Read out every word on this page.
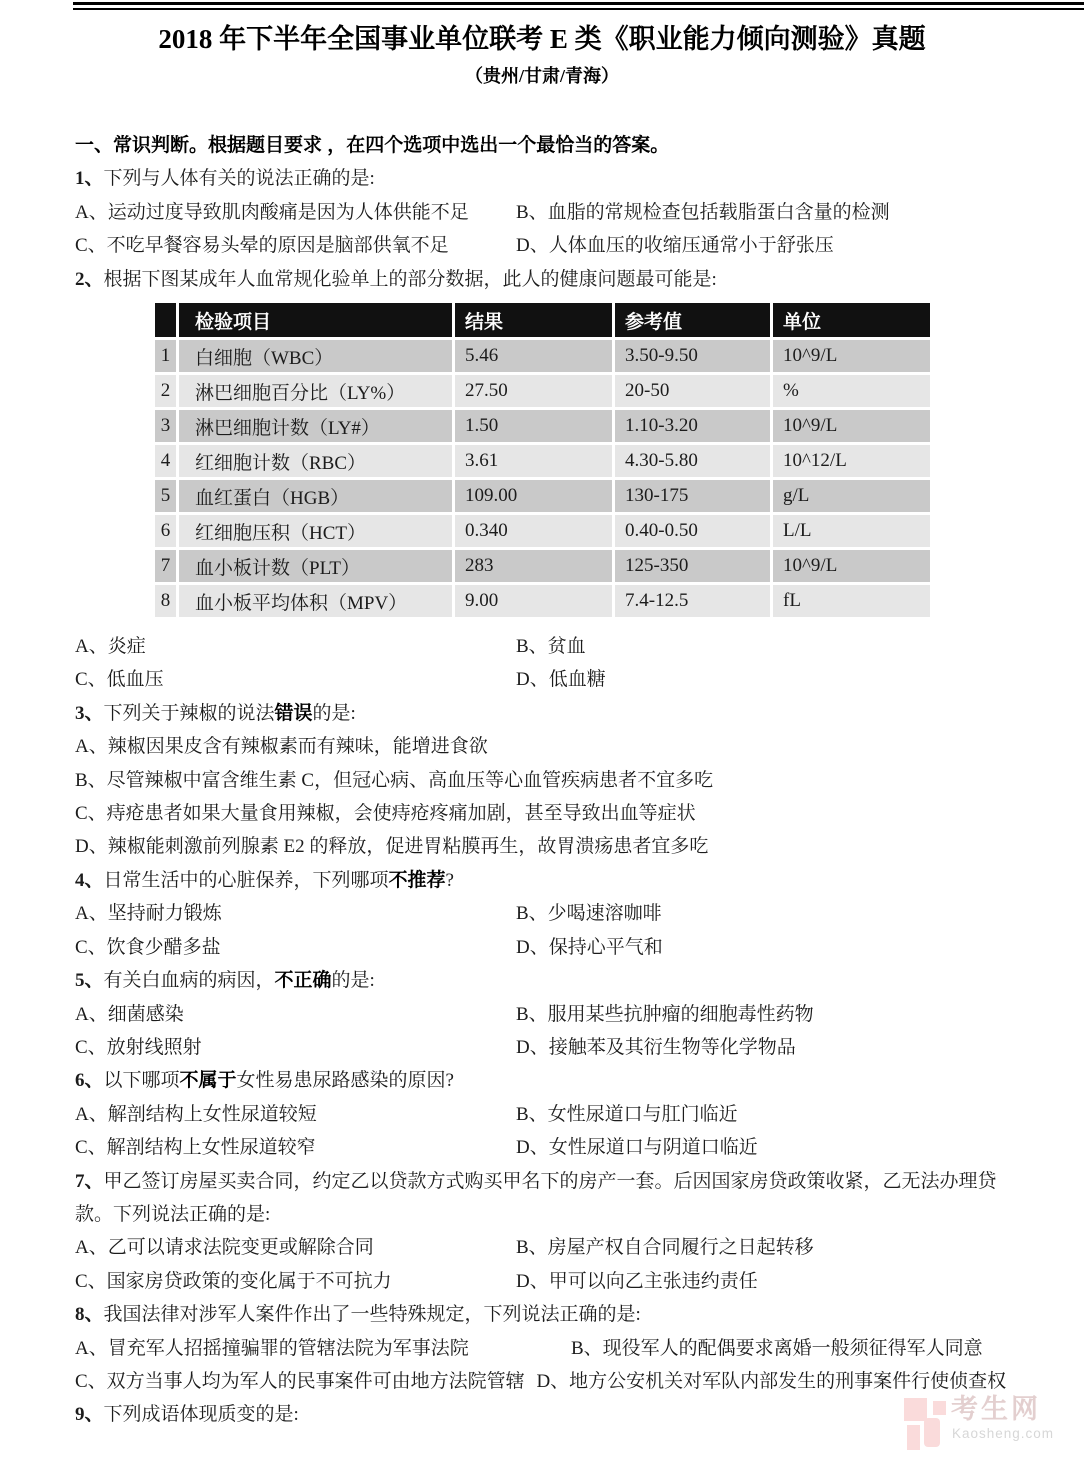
2018 年下半年全国事业单位联考 E 类《职业能力倾向测验》真题
（贵州/甘肃/青海）
一、常识判断。根据题目要求 ，在四个选项中选出一个最恰当的答案。
1、下列与人体有关的说法正确的是:
A、运动过度导致肌肉酸痛是因为人体供能不足 B、血脂的常规检查包括载脂蛋白含量的检测
C、不吃早餐容易头晕的原因是脑部供氧不足	D、人体血压的收缩压通常小于舒张压
2、根据下图某成年人血常规化验单上的部分数据，此人的健康问题最可能是:
	检验项目	结果	参考值	单位
1	白细胞（WBC）	5.46	3.50-9.50	10^9/L
2	淋巴细胞百分比（LY%）	27.50	20-50	%
3	淋巴细胞计数（LY#）	1.50	1.10-3.20	10^9/L
4	红细胞计数（RBC）	3.61	4.30-5.80	10^12/L
5	血红蛋白（HGB）	109.00	130-175	g/L
6	红细胞压积（HCT）	0.340	0.40-0.50	L/L
7	血小板计数（PLT）	283	125-350	10^9/L
8	血小板平均体积（MPV）	9.00	7.4-12.5	fL
A、炎症	B、贫血
C、低血压	D、低血糖
3、下列关于辣椒的说法错误的是:
A、辣椒因果皮含有辣椒素而有辣味，能增进食欲
B、尽管辣椒中富含维生素 C，但冠心病、高血压等心血管疾病患者不宜多吃
C、痔疮患者如果大量食用辣椒，会使痔疮疼痛加剧，甚至导致出血等症状
D、辣椒能刺激前列腺素 E2 的释放，促进胃粘膜再生，故胃溃疡患者宜多吃
4、日常生活中的心脏保养，下列哪项不推荐?
A、坚持耐力锻炼	B、少喝速溶咖啡
C、饮食少醋多盐	D、保持心平气和
5、有关白血病的病因，不正确的是:
A、细菌感染	B、服用某些抗肿瘤的细胞毒性药物
C、放射线照射	D、接触苯及其衍生物等化学物品
6、以下哪项不属于女性易患尿路感染的原因?
A、解剖结构上女性尿道较短	B、女性尿道口与肛门临近
C、解剖结构上女性尿道较窄	D、女性尿道口与阴道口临近
7、甲乙签订房屋买卖合同，约定乙以贷款方式购买甲名下的房产一套。后因国家房贷政策收紧，乙无法办理贷款。下列说法正确的是:
A、乙可以请求法院变更或解除合同	B、房屋产权自合同履行之日起转移
C、国家房贷政策的变化属于不可抗力	D、甲可以向乙主张违约责任
8、我国法律对涉军人案件作出了一些特殊规定，下列说法正确的是:
A、冒充军人招摇撞骗罪的管辖法院为军事法院	B、现役军人的配偶要求离婚一般须征得军人同意
C、双方当事人均为军人的民事案件可由地方法院管辖 D、地方公安机关对军队内部发生的刑事案件行使侦查权
9、下列成语体现质变的是:	考生网
Kaosheng.com
